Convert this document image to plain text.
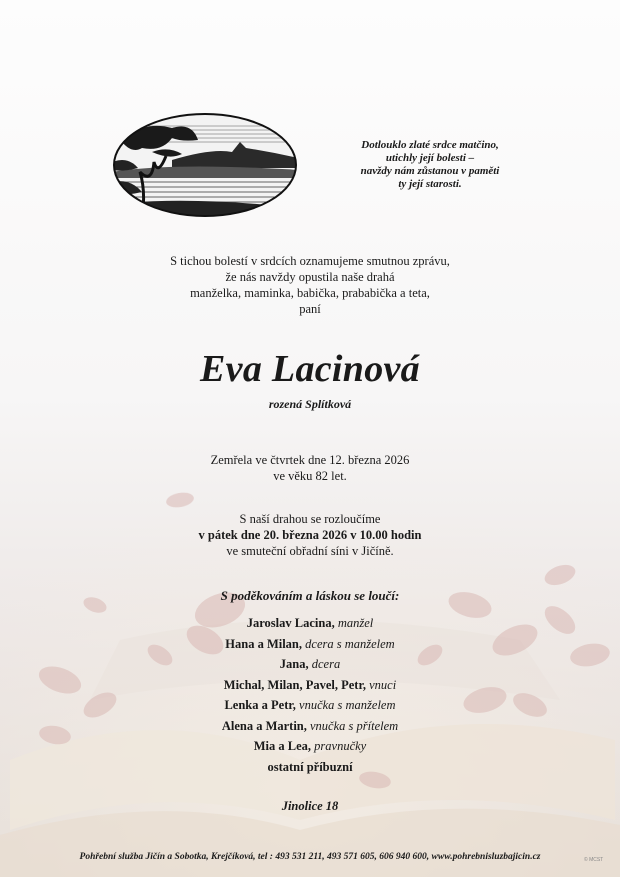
Dotlouklo zlaté srdce matčino,
utichly její bolesti –
navždy nám zůstanou v paměti
ty její starosti.
S tichou bolestí v srdcích oznamujeme smutnou zprávu,
že nás navždy opustila naše drahá
manželka, maminka, babička, prababička a teta,
paní
Eva Lacinová
rozená Splítková
Zemřela ve čtvrtek dne 12. března 2026
ve věku 82 let.
S naší drahou se rozloučíme
v pátek dne 20. března 2026 v 10.00 hodin
ve smuteční obřadní síni v Jičíně.
S poděkováním a láskou se loučí:
Jaroslav Lacina, manžel
Hana a Milan, dcera s manželem
Jana, dcera
Michal, Milan, Pavel, Petr, vnuci
Lenka a Petr, vnučka s manželem
Alena a Martin, vnučka s přítelem
Mia a Lea, pravnučky
ostatní příbuzní
Jinolice 18
Pohřební služba Jičín a Sobotka, Krejčíková, tel : 493 531 211, 493 571 605, 606 940 600, www.pohrebnisluzbajicin.cz	© MCST
